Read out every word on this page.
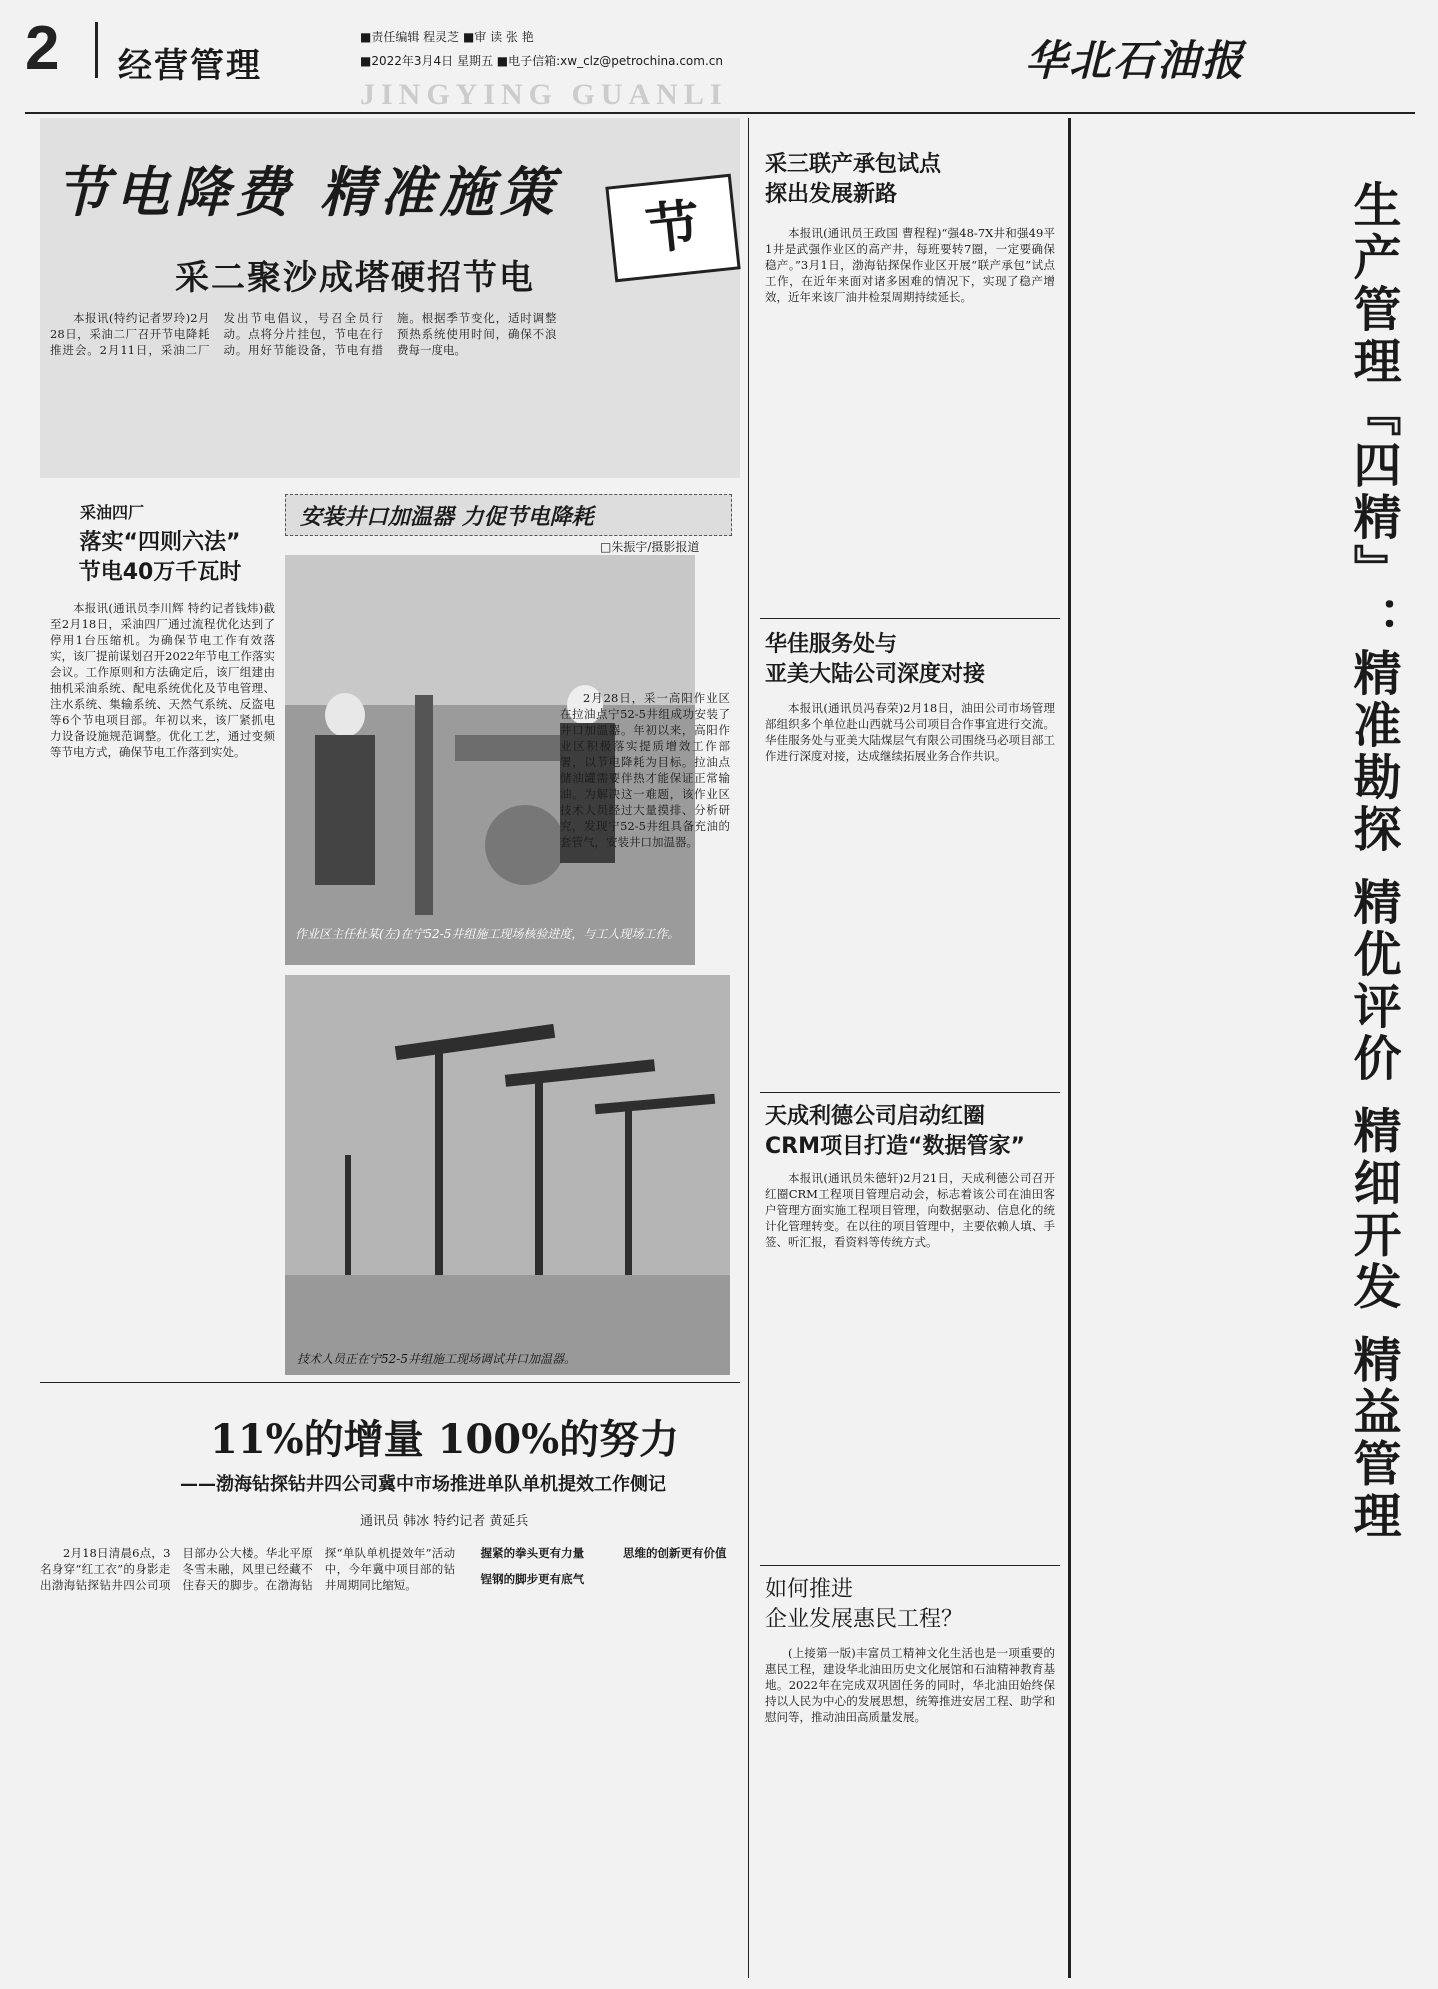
2 经营管理
■责任编辑 程灵芝 ■审 读 张 艳
■2022年3月4日 星期五 ■电子信箱:xw_clz@petrochina.com.cn
JINGYING GUANLI
华北石油报
节电降费 精准施策
节
采二聚沙成塔硬招节电

本报讯(特约记者罗玲)2月28日，采油二厂召开节电降耗推进会。2月11日，采油二厂发出节电倡议，号召全员行动。点将分片挂包，节电在行动。用好节能设备，节电有措施。根据季节变化，适时调整预热系统使用时间，确保不浪费每一度电。

采油四厂
落实“四则六法”
节电40万千瓦时

本报讯(通讯员李川辉 特约记者钱炜)截至2月18日，采油四厂通过流程优化达到了停用1台压缩机。为确保节电工作有效落实，该厂提前谋划召开2022年节电工作落实会议。工作原则和方法确定后，该厂组建由抽机采油系统、配电系统优化及节电管理、注水系统、集输系统、天然气系统、反盗电等6个节电项目部。年初以来，该厂紧抓电力设备设施规范调整。优化工艺，通过变频等节电方式，确保节电工作落到实处。

安装井口加温器 力促节电降耗
□朱振宇/摄影报道
作业区主任杜某(左)在宁52-5井组施工现场核验进度，与工人现场工作。

2月28日，采一高阳作业区在拉油点宁52-5井组成功安装了井口加温器。年初以来，高阳作业区积极落实提质增效工作部署，以节电降耗为目标。拉油点储油罐需要伴热才能保证正常输油。为解决这一难题，该作业区技术人员经过大量摸排、分析研究，发现宁52-5井组具备充油的套管气，安装井口加温器。

技术人员正在宁52-5井组施工现场调试井口加温器。
11%的增量 100%的努力
——渤海钻探钻井四公司冀中市场推进单队单机提效工作侧记
通讯员 韩冰 特约记者 黄延兵

2月18日清晨6点，3名身穿“红工衣”的身影走出渤海钻探钻井四公司项目部办公大楼。华北平原冬雪未融，风里已经藏不住春天的脚步。在渤海钻探“单队单机提效年”活动中，今年冀中项目部的钻井周期同比缩短。

握紧的拳头更有力量

锃钢的脚步更有底气

思维的创新更有价值

采三联产承包试点
探出发展新路

本报讯(通讯员王政国 曹程程)“强48-7X井和强49平1井是武强作业区的高产井，每班要转7圈，一定要确保稳产。”3月1日，渤海钻探保作业区开展“联产承包”试点工作，在近年来面对诸多困难的情况下，实现了稳产增效，近年来该厂油井检泵周期持续延长。

华佳服务处与
亚美大陆公司深度对接

本报讯(通讯员冯春荣)2月18日，油田公司市场管理部组织多个单位赴山西就马公司项目合作事宜进行交流。华佳服务处与亚美大陆煤层气有限公司围绕马必项目部工作进行深度对接，达成继续拓展业务合作共识。

天成利德公司启动红圈
CRM项目打造“数据管家”

本报讯(通讯员朱德轩)2月21日，天成利德公司召开红圈CRM工程项目管理启动会，标志着该公司在油田客户管理方面实施工程项目管理，向数据驱动、信息化的统计化管理转变。在以往的项目管理中，主要依赖人填、手签、听汇报，看资料等传统方式。

如何推进
企业发展惠民工程？

(上接第一版)丰富员工精神文化生活也是一项重要的惠民工程，建设华北油田历史文化展馆和石油精神教育基地。2022年在完成双巩固任务的同时，华北油田始终保持以人民为中心的发展思想，统筹推进安居工程、助学和慰问等，推动油田高质量发展。

生产管理『四精』：精准勘探 精优评价 精细开发 精益管理
